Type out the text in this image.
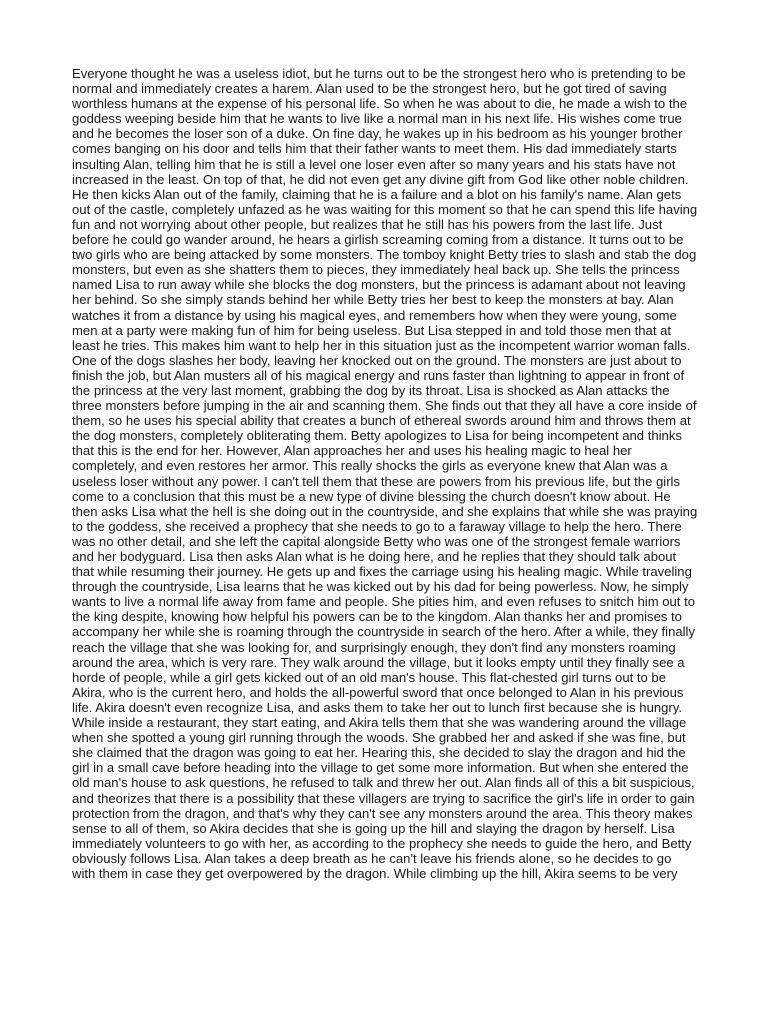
Everyone thought he was a useless idiot, but he turns out to be the strongest hero who is pretending to be normal and immediately creates a harem. Alan used to be the strongest hero, but he got tired of saving worthless humans at the expense of his personal life. So when he was about to die, he made a wish to the goddess weeping beside him that he wants to live like a normal man in his next life. His wishes come true and he becomes the loser son of a duke. On fine day, he wakes up in his bedroom as his younger brother comes banging on his door and tells him that their father wants to meet them. His dad immediately starts insulting Alan, telling him that he is still a level one loser even after so many years and his stats have not increased in the least. On top of that, he did not even get any divine gift from God like other noble children. He then kicks Alan out of the family, claiming that he is a failure and a blot on his family's name. Alan gets out of the castle, completely unfazed as he was waiting for this moment so that he can spend this life having fun and not worrying about other people, but realizes that he still has his powers from the last life. Just before he could go wander around, he hears a girlish screaming coming from a distance. It turns out to be two girls who are being attacked by some monsters. The tomboy knight Betty tries to slash and stab the dog monsters, but even as she shatters them to pieces, they immediately heal back up. She tells the princess named Lisa to run away while she blocks the dog monsters, but the princess is adamant about not leaving her behind. So she simply stands behind her while Betty tries her best to keep the monsters at bay. Alan watches it from a distance by using his magical eyes, and remembers how when they were young, some men at a party were making fun of him for being useless. But Lisa stepped in and told those men that at least he tries. This makes him want to help her in this situation just as the incompetent warrior woman falls. One of the dogs slashes her body, leaving her knocked out on the ground. The monsters are just about to finish the job, but Alan musters all of his magical energy and runs faster than lightning to appear in front of the princess at the very last moment, grabbing the dog by its throat. Lisa is shocked as Alan attacks the three monsters before jumping in the air and scanning them. She finds out that they all have a core inside of them, so he uses his special ability that creates a bunch of ethereal swords around him and throws them at the dog monsters, completely obliterating them. Betty apologizes to Lisa for being incompetent and thinks that this is the end for her. However, Alan approaches her and uses his healing magic to heal her completely, and even restores her armor. This really shocks the girls as everyone knew that Alan was a useless loser without any power. I can't tell them that these are powers from his previous life, but the girls come to a conclusion that this must be a new type of divine blessing the church doesn't know about. He then asks Lisa what the hell is she doing out in the countryside, and she explains that while she was praying to the goddess, she received a prophecy that she needs to go to a faraway village to help the hero. There was no other detail, and she left the capital alongside Betty who was one of the strongest female warriors and her bodyguard. Lisa then asks Alan what is he doing here, and he replies that they should talk about that while resuming their journey. He gets up and fixes the carriage using his healing magic. While traveling through the countryside, Lisa learns that he was kicked out by his dad for being powerless. Now, he simply wants to live a normal life away from fame and people. She pities him, and even refuses to snitch him out to the king despite, knowing how helpful his powers can be to the kingdom. Alan thanks her and promises to accompany her while she is roaming through the countryside in search of the hero. After a while, they finally reach the village that she was looking for, and surprisingly enough, they don't find any monsters roaming around the area, which is very rare. They walk around the village, but it looks empty until they finally see a horde of people, while a girl gets kicked out of an old man's house. This flat-chested girl turns out to be Akira, who is the current hero, and holds the all-powerful sword that once belonged to Alan in his previous life. Akira doesn't even recognize Lisa, and asks them to take her out to lunch first because she is hungry. While inside a restaurant, they start eating, and Akira tells them that she was wandering around the village when she spotted a young girl running through the woods. She grabbed her and asked if she was fine, but she claimed that the dragon was going to eat her. Hearing this, she decided to slay the dragon and hid the girl in a small cave before heading into the village to get some more information. But when she entered the old man's house to ask questions, he refused to talk and threw her out. Alan finds all of this a bit suspicious, and theorizes that there is a possibility that these villagers are trying to sacrifice the girl's life in order to gain protection from the dragon, and that's why they can't see any monsters around the area. This theory makes sense to all of them, so Akira decides that she is going up the hill and slaying the dragon by herself. Lisa immediately volunteers to go with her, as according to the prophecy she needs to guide the hero, and Betty obviously follows Lisa. Alan takes a deep breath as he can't leave his friends alone, so he decides to go with them in case they get overpowered by the dragon. While climbing up the hill, Akira seems to be very
